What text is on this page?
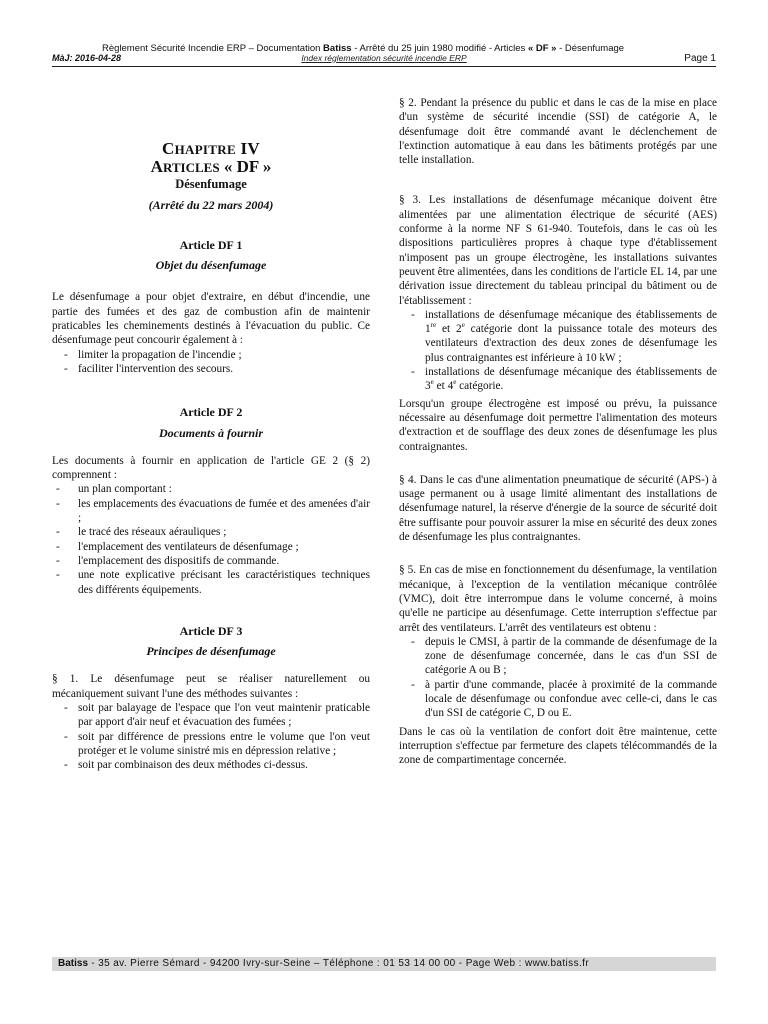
Règlement Sécurité Incendie ERP – Documentation Batiss - Arrêté du 25 juin 1980 modifié - Articles « DF » - Désenfumage
MàJ: 2016-04-28	Index réglementation sécurité incendie ERP	Page 1
CHAPITRE IV
ARTICLES « DF »
Désenfumage
(Arrêté du 22 mars 2004)
Article DF 1
Objet du désenfumage

Le désenfumage a pour objet d'extraire, en début d'incendie, une partie des fumées et des gaz de combustion afin de maintenir praticables les cheminements destinés à l'évacuation du public. Ce désenfumage peut concourir également à :

- limiter la propagation de l'incendie ;
- faciliter l'intervention des secours.
Article DF 2
Documents à fournir

Les documents à fournir en application de l'article GE 2 (§ 2) comprennent :

- un plan comportant :
- les emplacements des évacuations de fumée et des amenées d'air ;
- le tracé des réseaux aérauliques ;
- l'emplacement des ventilateurs de désenfumage ;
- l'emplacement des dispositifs de commande.
- une note explicative précisant les caractéristiques techniques des différents équipements.
Article DF 3
Principes de désenfumage

§ 1. Le désenfumage peut se réaliser naturellement ou mécaniquement suivant l'une des méthodes suivantes :

- soit par balayage de l'espace que l'on veut maintenir praticable par apport d'air neuf et évacuation des fumées ;
- soit par différence de pressions entre le volume que l'on veut protéger et le volume sinistré mis en dépression relative ;
- soit par combinaison des deux méthodes ci-dessus.

§ 2. Pendant la présence du public et dans le cas de la mise en place d'un système de sécurité incendie (SSI) de catégorie A, le désenfumage doit être commandé avant le déclenchement de l'extinction automatique à eau dans les bâtiments protégés par une telle installation.

§ 3. Les installations de désenfumage mécanique doivent être alimentées par une alimentation électrique de sécurité (AES) conforme à la norme NF S 61-940. Toutefois, dans le cas où les dispositions particulières propres à chaque type d'établissement n'imposent pas un groupe électrogène, les installations suivantes peuvent être alimentées, dans les conditions de l'article EL 14, par une dérivation issue directement du tableau principal du bâtiment ou de l'établissement :

- installations de désenfumage mécanique des établissements de 1re et 2e catégorie dont la puissance totale des moteurs des ventilateurs d'extraction des deux zones de désenfumage les plus contraignantes est inférieure à 10 kW ;
- installations de désenfumage mécanique des établissements de 3e et 4e catégorie.

Lorsqu'un groupe électrogène est imposé ou prévu, la puissance nécessaire au désenfumage doit permettre l'alimentation des moteurs d'extraction et de soufflage des deux zones de désenfumage les plus contraignantes.

§ 4. Dans le cas d'une alimentation pneumatique de sécurité (APS-) à usage permanent ou à usage limité alimentant des installations de désenfumage naturel, la réserve d'énergie de la source de sécurité doit être suffisante pour pouvoir assurer la mise en sécurité des deux zones de désenfumage les plus contraignantes.

§ 5. En cas de mise en fonctionnement du désenfumage, la ventilation mécanique, à l'exception de la ventilation mécanique contrôlée (VMC), doit être interrompue dans le volume concerné, à moins qu'elle ne participe au désenfumage. Cette interruption s'effectue par arrêt des ventilateurs. L'arrêt des ventilateurs est obtenu :

- depuis le CMSI, à partir de la commande de désenfumage de la zone de désenfumage concernée, dans le cas d'un SSI de catégorie A ou B ;
- à partir d'une commande, placée à proximité de la commande locale de désenfumage ou confondue avec celle-ci, dans le cas d'un SSI de catégorie C, D ou E.

Dans le cas où la ventilation de confort doit être maintenue, cette interruption s'effectue par fermeture des clapets télécommandés de la zone de compartimentage concernée.

Batiss - 35 av. Pierre Sémard - 94200 Ivry-sur-Seine – Téléphone : 01 53 14 00 00 - Page Web : www.batiss.fr
